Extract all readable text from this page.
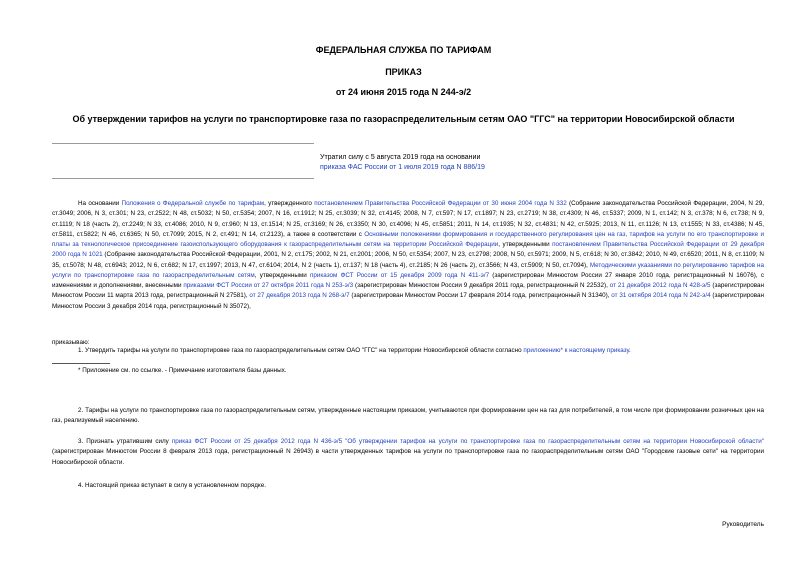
ФЕДЕРАЛЬНАЯ СЛУЖБА ПО ТАРИФАМ
ПРИКАЗ
от 24 июня 2015 года N 244-э/2
Об утверждении тарифов на услуги по транспортировке газа по газораспределительным сетям ОАО "ГГС" на территории Новосибирской области
Утратил силу с 5 августа 2019 года на основании
приказа ФАС России от 1 июля 2019 года N 886/19
На основании Положения о Федеральной службе по тарифам, утвержденного постановлением Правительства Российской Федерации от 30 июня 2004 года N 332 (Собрание законодательства Российской Федерации, 2004, N 29, ст.3049; 2006, N 3, ст.301; N 23, ст.2522; N 48, ст.5032; N 50, ст.5354; 2007, N 16, ст.1912; N 25, ст.3039; N 32, ст.4145; 2008, N 7, ст.597; N 17, ст.1897; N 23, ст.2719; N 38, ст.4309; N 46, ст.5337; 2009, N 1, ст.142; N 3, ст.378; N 6, ст.738; N 9, ст.1119; N 18 (часть 2), ст.2249; N 33, ст.4086; 2010, N 9, ст.960; N 13, ст.1514; N 25, ст.3169; N 26, ст.3350; N 30, ст.4096; N 45, ст.5851; 2011, N 14, ст.1935; N 32, ст.4831; N 42, ст.5925; 2013, N 11, ст.1126; N 13, ст.1555; N 33, ст.4386; N 45, ст.5811, ст.5822; N 46, ст.6365; N 50, ст.7099; 2015, N 2, ст.491; N 14, ст.2123), а также в соответствии с Основными положениями формирования и государственного регулирования цен на газ, тарифов на услуги по его транспортировке и платы за технологическое присоединение газоиспользующего оборудования к газораспределительным сетям на территории Российской Федерации, утвержденными постановлением Правительства Российской Федерации от 29 декабря 2000 года N 1021 (Собрание законодательства Российской Федерации, 2001, N 2, ст.175; 2002, N 21, ст.2001; 2006, N 50, ст.5354; 2007, N 23, ст.2798; 2008, N 50, ст.5971; 2009, N 5, ст.618; N 30, ст.3842; 2010, N 49, ст.6520; 2011, N 8, ст.1109; N 35, ст.5078; N 48, ст.6943; 2012, N 6, ст.682; N 17, ст.1997; 2013, N 47, ст.6104; 2014, N 2 (часть 1), ст.137; N 18 (часть 4), ст.2185; N 26 (часть 2), ст.3566; N 43, ст.5909; N 50, ст.7094), Методическими указаниями по регулированию тарифов на услуги по транспортировке газа по газораспределительным сетям, утвержденными приказом ФСТ России от 15 декабря 2009 года N 411-э/7 (зарегистрирован Минюстом России 27 января 2010 года, регистрационный N 16076), с изменениями и дополнениями, внесенными приказами ФСТ России от 27 октября 2011 года N 253-э/3 (зарегистрирован Минюстом России 9 декабря 2011 года, регистрационный N 22532), от 21 декабря 2012 года N 428-э/5 (зарегистрирован Минюстом России 11 марта 2013 года, регистрационный N 27581), от 27 декабря 2013 года N 268-э/7 (зарегистрирован Минюстом России 17 февраля 2014 года, регистрационный N 31340), от 31 октября 2014 года N 242-э/4 (зарегистрирован Минюстом России 3 декабря 2014 года, регистрационный N 35072),
приказываю:
1. Утвердить тарифы на услуги по транспортировке газа по газораспределительным сетям ОАО "ГГС" на территории Новосибирской области согласно приложению* к настоящему приказу.
* Приложение см. по ссылке. - Примечание изготовителя базы данных.
2. Тарифы на услуги по транспортировке газа по газораспределительным сетям, утвержденные настоящим приказом, учитываются при формировании цен на газ для потребителей, в том числе при формировании розничных цен на газ, реализуемый населению.
3. Признать утратившим силу приказ ФСТ России от 25 декабря 2012 года N 436-э/5 "Об утверждении тарифов на услуги по транспортировке газа по газораспределительным сетям на территории Новосибирской области" (зарегистрирован Минюстом России 8 февраля 2013 года, регистрационный N 26943) в части утвержденных тарифов на услуги по транспортировке газа по газораспределительным сетям ОАО "Городские газовые сети" на территории Новосибирской области.
4. Настоящий приказ вступает в силу в установленном порядке.
Руководитель
